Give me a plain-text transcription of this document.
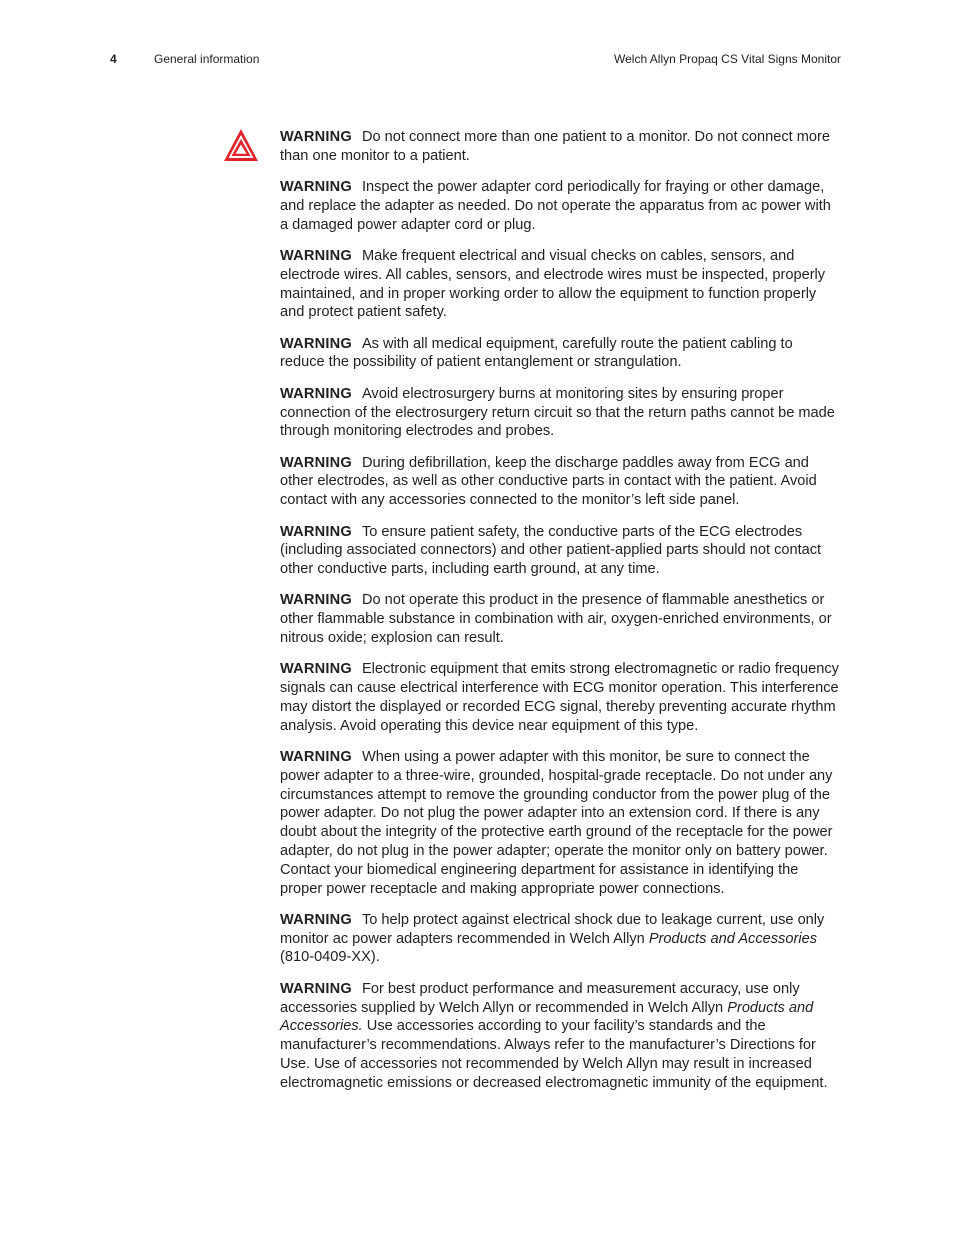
4	General information	Welch Allyn Propaq CS Vital Signs Monitor

WARNING Do not connect more than one patient to a monitor. Do not connect more than one monitor to a patient.

WARNING Inspect the power adapter cord periodically for fraying or other damage, and replace the adapter as needed. Do not operate the apparatus from ac power with a damaged power adapter cord or plug.

WARNING Make frequent electrical and visual checks on cables, sensors, and electrode wires. All cables, sensors, and electrode wires must be inspected, properly maintained, and in proper working order to allow the equipment to function properly and protect patient safety.

WARNING As with all medical equipment, carefully route the patient cabling to reduce the possibility of patient entanglement or strangulation.

WARNING Avoid electrosurgery burns at monitoring sites by ensuring proper connection of the electrosurgery return circuit so that the return paths cannot be made through monitoring electrodes and probes.

WARNING During defibrillation, keep the discharge paddles away from ECG and other electrodes, as well as other conductive parts in contact with the patient. Avoid contact with any accessories connected to the monitor’s left side panel.

WARNING To ensure patient safety, the conductive parts of the ECG electrodes (including associated connectors) and other patient-applied parts should not contact other conductive parts, including earth ground, at any time.

WARNING Do not operate this product in the presence of flammable anesthetics or other flammable substance in combination with air, oxygen-enriched environments, or nitrous oxide; explosion can result.

WARNING Electronic equipment that emits strong electromagnetic or radio frequency signals can cause electrical interference with ECG monitor operation. This interference may distort the displayed or recorded ECG signal, thereby preventing accurate rhythm analysis. Avoid operating this device near equipment of this type.

WARNING When using a power adapter with this monitor, be sure to connect the power adapter to a three-wire, grounded, hospital-grade receptacle. Do not under any circumstances attempt to remove the grounding conductor from the power plug of the power adapter. Do not plug the power adapter into an extension cord. If there is any doubt about the integrity of the protective earth ground of the receptacle for the power adapter, do not plug in the power adapter; operate the monitor only on battery power. Contact your biomedical engineering department for assistance in identifying the proper power receptacle and making appropriate power connections.

WARNING To help protect against electrical shock due to leakage current, use only monitor ac power adapters recommended in Welch Allyn Products and Accessories (810-0409-XX).

WARNING For best product performance and measurement accuracy, use only accessories supplied by Welch Allyn or recommended in Welch Allyn Products and Accessories. Use accessories according to your facility’s standards and the manufacturer’s recommendations. Always refer to the manufacturer’s Directions for Use. Use of accessories not recommended by Welch Allyn may result in increased electromagnetic emissions or decreased electromagnetic immunity of the equipment.
